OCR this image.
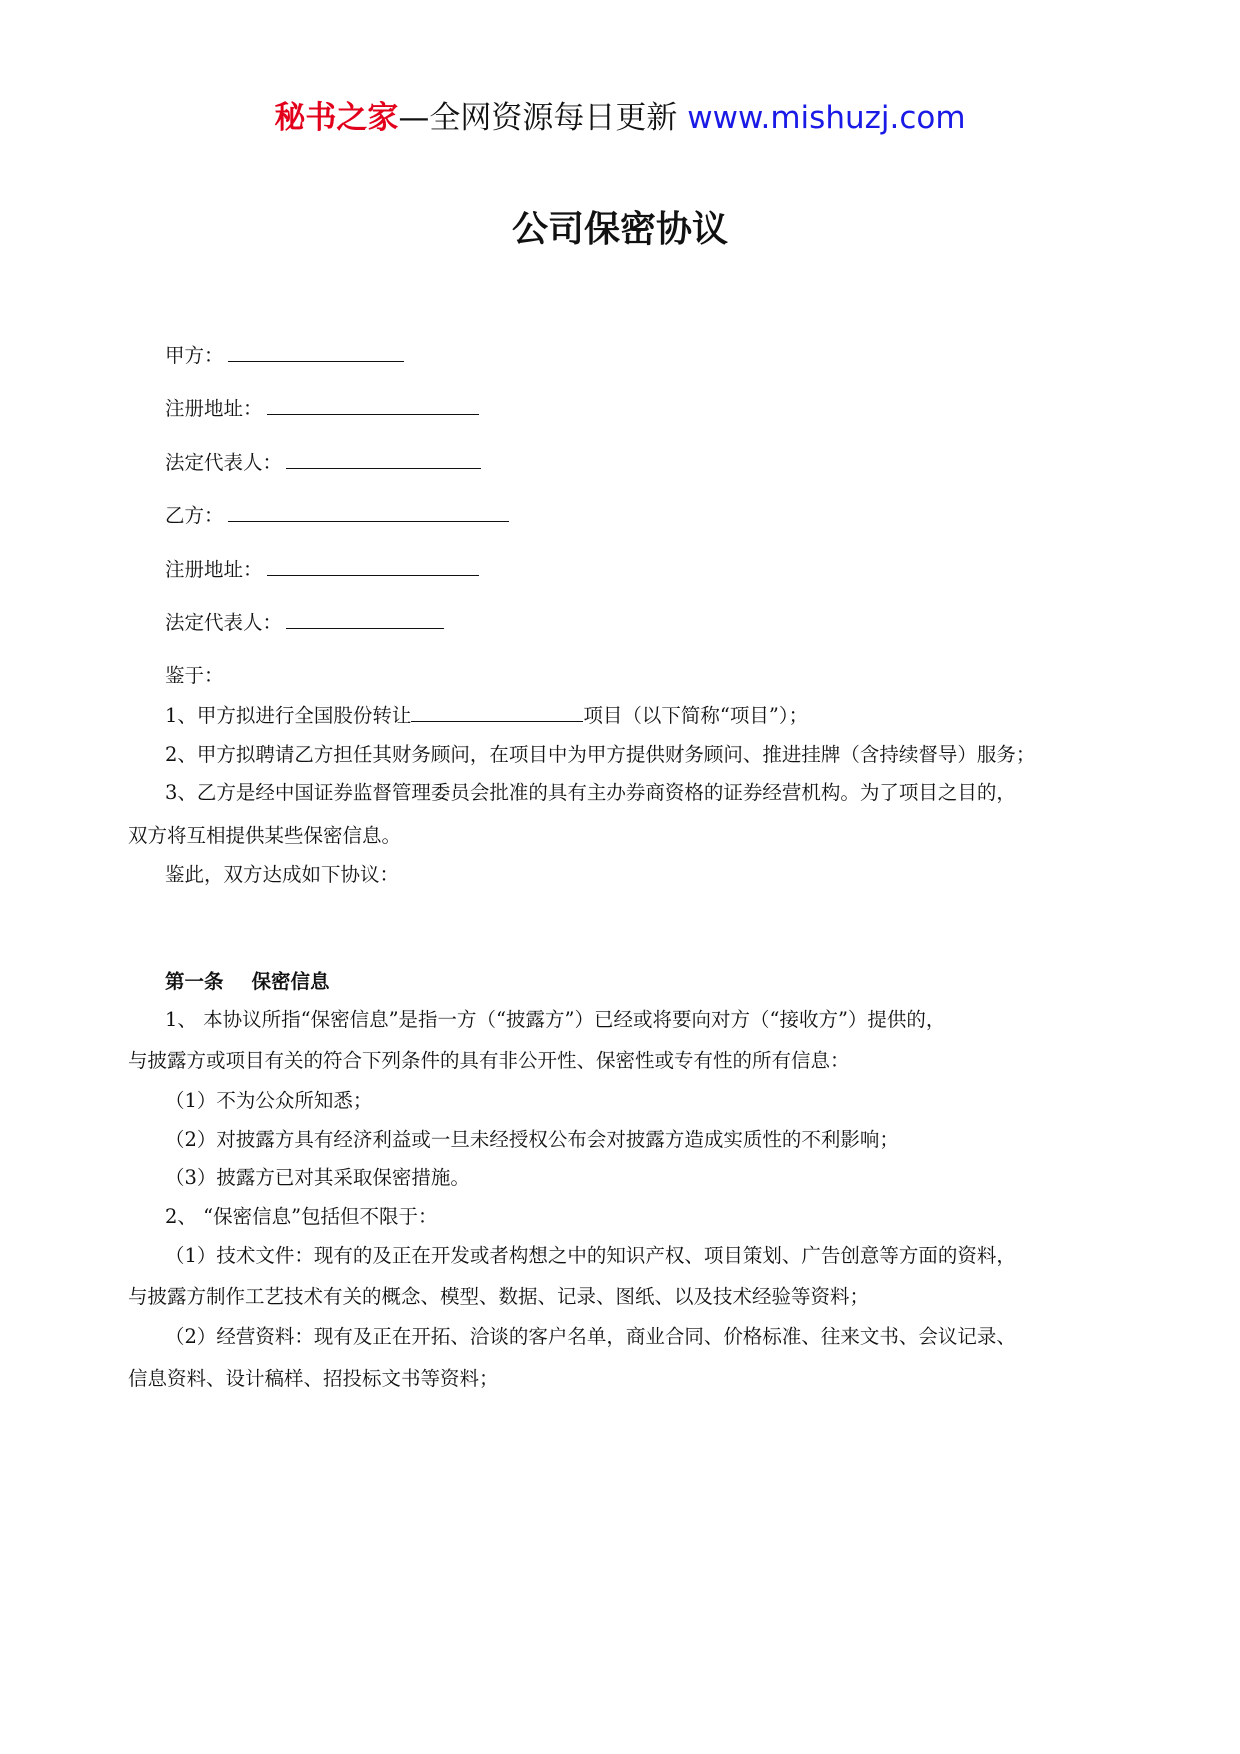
秘书之家—全网资源每日更新 www.mishuzj.com
公司保密协议
甲方：
注册地址：
法定代表人：
乙方：
注册地址：
法定代表人：
鉴于：
1、甲方拟进行全国股份转让	项目（以下简称“项目”）；
2、甲方拟聘请乙方担任其财务顾问，在项目中为甲方提供财务顾问、推进挂牌（含持续督导）服务；
3、乙方是经中国证券监督管理委员会批准的具有主办券商资格的证券经营机构。为了项目之目的，
双方将互相提供某些保密信息。
鉴此，双方达成如下协议：
第一条 保密信息
1、 本协议所指“保密信息”是指一方（“披露方”）已经或将要向对方（“接收方”）提供的，
与披露方或项目有关的符合下列条件的具有非公开性、保密性或专有性的所有信息：
（1）不为公众所知悉；
（2）对披露方具有经济利益或一旦未经授权公布会对披露方造成实质性的不利影响；
（3）披露方已对其采取保密措施。
2、 “保密信息”包括但不限于：
（1）技术文件：现有的及正在开发或者构想之中的知识产权、项目策划、广告创意等方面的资料，
与披露方制作工艺技术有关的概念、模型、数据、记录、图纸、以及技术经验等资料；
（2）经营资料：现有及正在开拓、洽谈的客户名单，商业合同、价格标准、往来文书、会议记录、
信息资料、设计稿样、招投标文书等资料；
